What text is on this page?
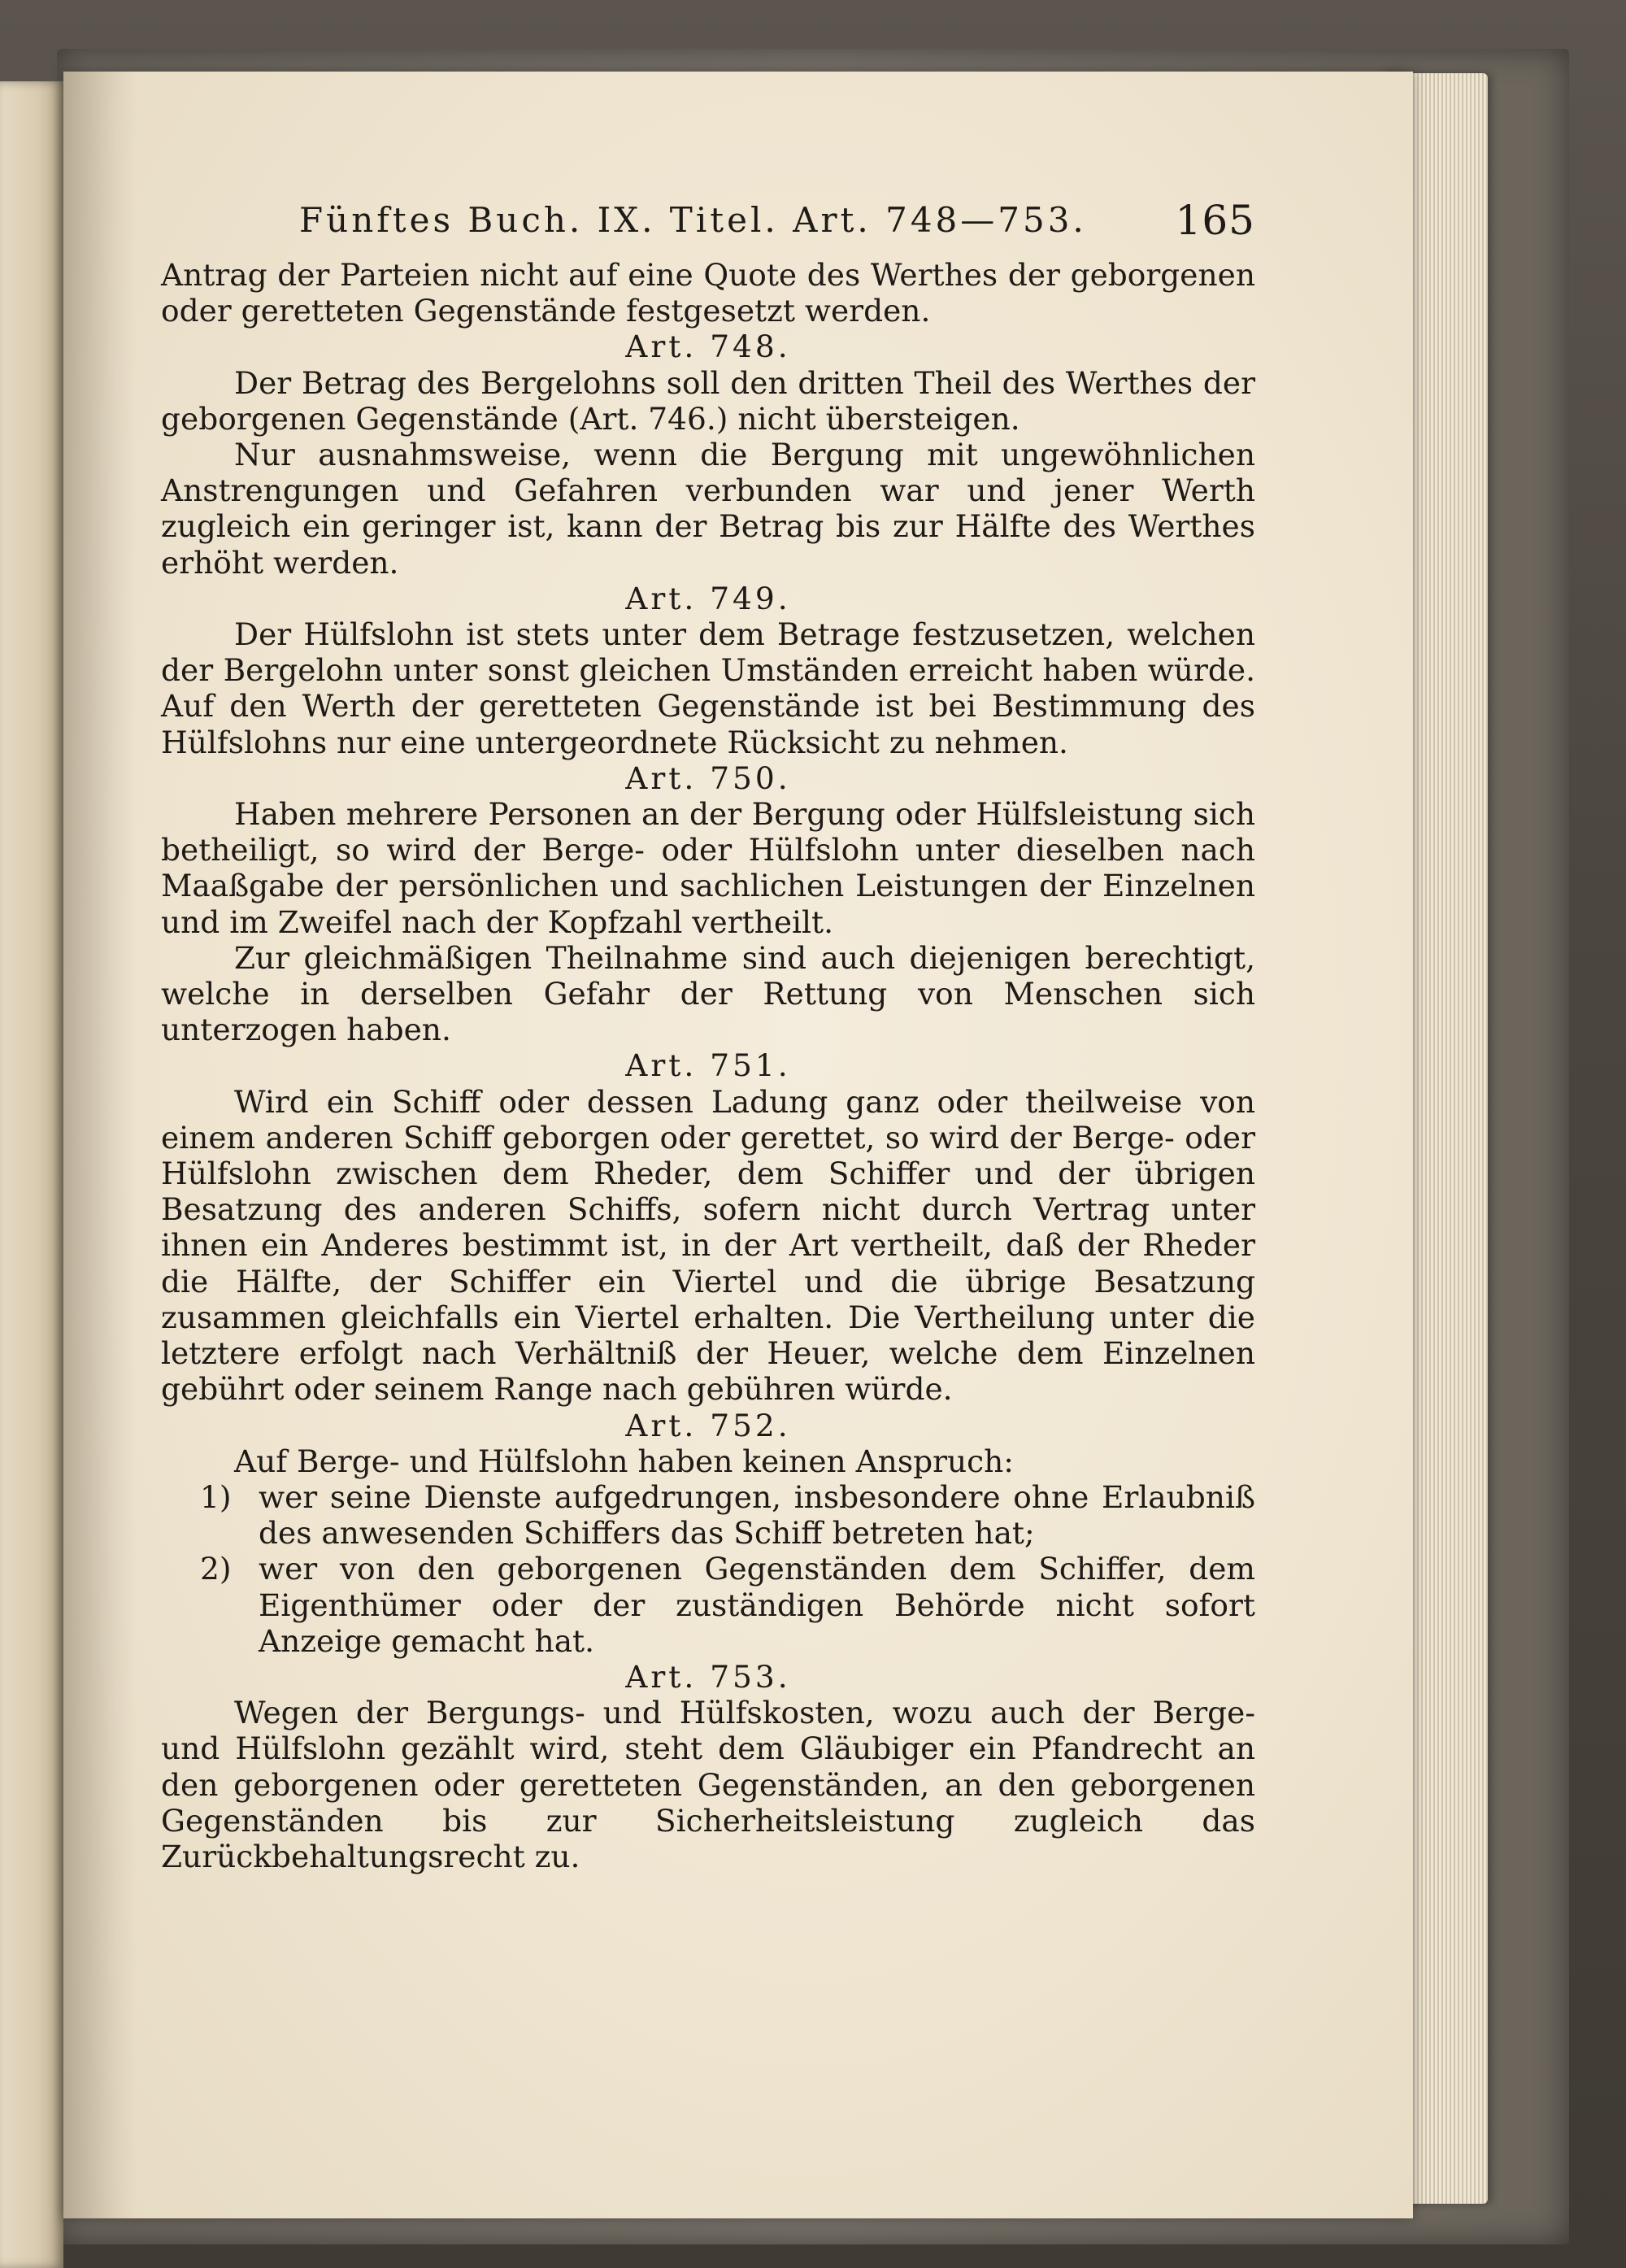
Fünftes Buch. IX. Titel. Art. 748—753. 165

Antrag der Parteien nicht auf eine Quote des Werthes der geborgenen oder geretteten Gegenstände festgesetzt werden.

Art. 748.

Der Betrag des Bergelohns soll den dritten Theil des Werthes der geborgenen Gegenstände (Art. 746.) nicht übersteigen.

Nur ausnahmsweise, wenn die Bergung mit ungewöhnlichen Anstrengungen und Gefahren verbunden war und jener Werth zugleich ein geringer ist, kann der Betrag bis zur Hälfte des Werthes erhöht werden.

Art. 749.

Der Hülfslohn ist stets unter dem Betrage festzusetzen, welchen der Bergelohn unter sonst gleichen Umständen erreicht haben würde. Auf den Werth der geretteten Gegenstände ist bei Bestimmung des Hülfslohns nur eine untergeordnete Rücksicht zu nehmen.

Art. 750.

Haben mehrere Personen an der Bergung oder Hülfsleistung sich betheiligt, so wird der Berge- oder Hülfslohn unter dieselben nach Maaßgabe der persönlichen und sachlichen Leistungen der Einzelnen und im Zweifel nach der Kopfzahl vertheilt.

Zur gleichmäßigen Theilnahme sind auch diejenigen berechtigt, welche in derselben Gefahr der Rettung von Menschen sich unterzogen haben.

Art. 751.

Wird ein Schiff oder dessen Ladung ganz oder theilweise von einem anderen Schiff geborgen oder gerettet, so wird der Berge- oder Hülfslohn zwischen dem Rheder, dem Schiffer und der übrigen Besatzung des anderen Schiffs, sofern nicht durch Vertrag unter ihnen ein Anderes bestimmt ist, in der Art vertheilt, daß der Rheder die Hälfte, der Schiffer ein Viertel und die übrige Besatzung zusammen gleichfalls ein Viertel erhalten. Die Vertheilung unter die letztere erfolgt nach Verhältniß der Heuer, welche dem Einzelnen gebührt oder seinem Range nach gebühren würde.

Art. 752.

Auf Berge- und Hülfslohn haben keinen Anspruch:

1) wer seine Dienste aufgedrungen, insbesondere ohne Erlaubniß des anwesenden Schiffers das Schiff betreten hat;
2) wer von den geborgenen Gegenständen dem Schiffer, dem Eigenthümer oder der zuständigen Behörde nicht sofort Anzeige gemacht hat.

Art. 753.

Wegen der Bergungs- und Hülfskosten, wozu auch der Berge- und Hülfslohn gezählt wird, steht dem Gläubiger ein Pfandrecht an den geborgenen oder geretteten Gegenständen, an den geborgenen Gegenständen bis zur Sicherheitsleistung zugleich das Zurückbehaltungsrecht zu.
